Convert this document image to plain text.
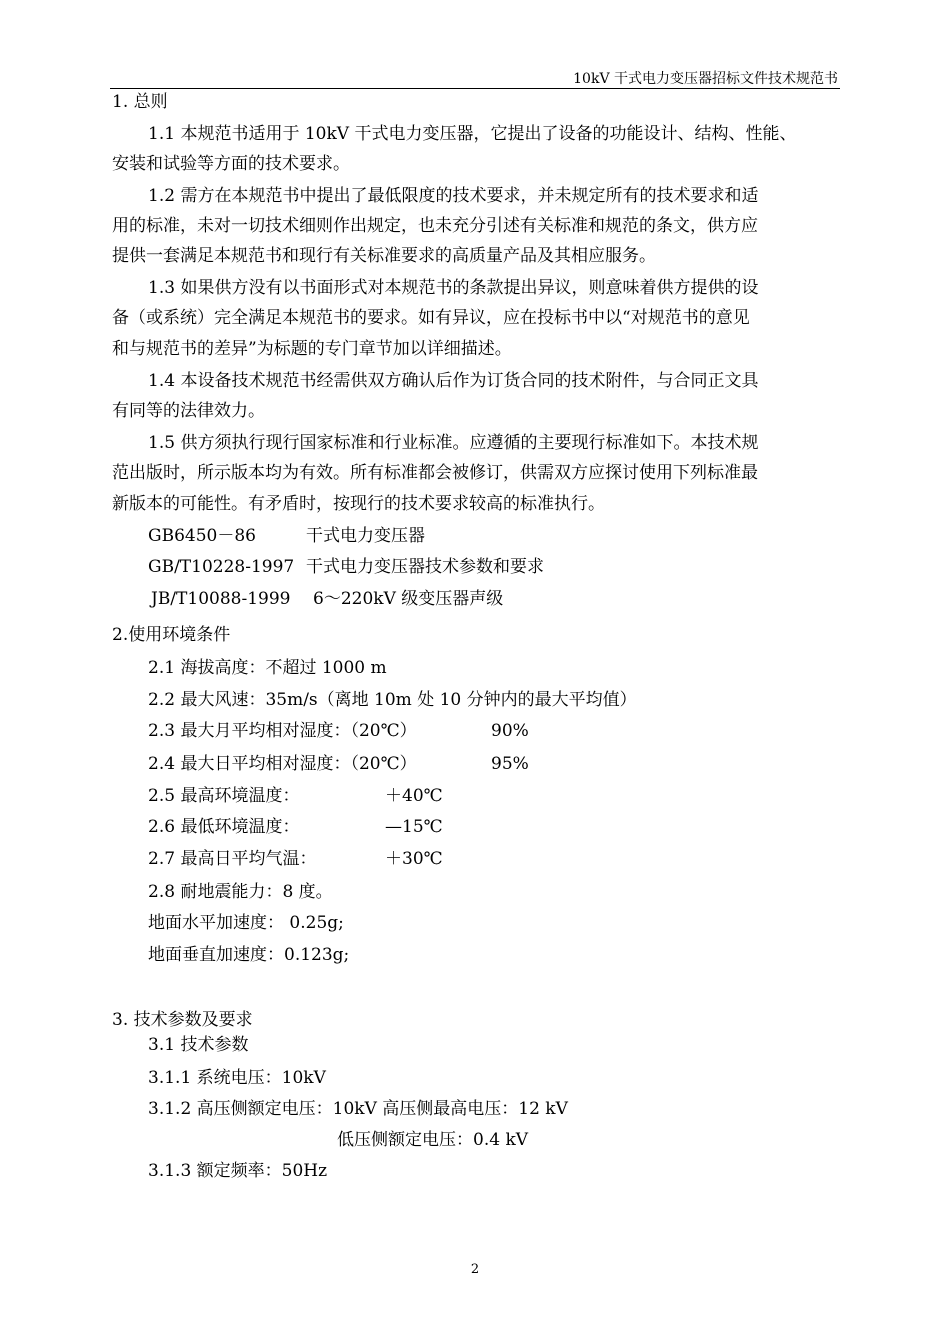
10kV 干式电力变压器招标文件技术规范书
1. 总则
1.1 本规范书适用于 10kV 干式电力变压器，它提出了设备的功能设计、结构、性能、
安装和试验等方面的技术要求。
1.2 需方在本规范书中提出了最低限度的技术要求，并未规定所有的技术要求和适
用的标准，未对一切技术细则作出规定，也未充分引述有关标准和规范的条文，供方应
提供一套满足本规范书和现行有关标准要求的高质量产品及其相应服务。
1.3 如果供方没有以书面形式对本规范书的条款提出异议，则意味着供方提供的设
备（或系统）完全满足本规范书的要求。如有异议，应在投标书中以“对规范书的意见
和与规范书的差异”为标题的专门章节加以详细描述。
1.4 本设备技术规范书经需供双方确认后作为订货合同的技术附件，与合同正文具
有同等的法律效力。
1.5 供方须执行现行国家标准和行业标准。应遵循的主要现行标准如下。本技术规
范出版时，所示版本均为有效。所有标准都会被修订，供需双方应探讨使用下列标准最
新版本的可能性。有矛盾时，按现行的技术要求较高的标准执行。
GB6450－86	干式电力变压器
GB/T10228-1997 干式电力变压器技术参数和要求
JB/T10088-1999 6～220kV 级变压器声级
2.使用环境条件
2.1 海拔高度：不超过 1000 m
2.2 最大风速：35m/s（离地 10m 处 10 分钟内的最大平均值）
2.3 最大月平均相对湿度：（20℃）	90%
2.4 最大日平均相对湿度：（20℃）	95%
2.5 最高环境温度：	＋40℃
2.6 最低环境温度：	—15℃
2.7 最高日平均气温：	＋30℃
2.8 耐地震能力：8 度。
地面水平加速度： 0.25g;
地面垂直加速度：0.123g;
3. 技术参数及要求
3.1 技术参数
3.1.1 系统电压：10kV
3.1.2 高压侧额定电压：10kV 高压侧最高电压：12 kV
低压侧额定电压：0.4 kV
3.1.3 额定频率：50Hz
2
